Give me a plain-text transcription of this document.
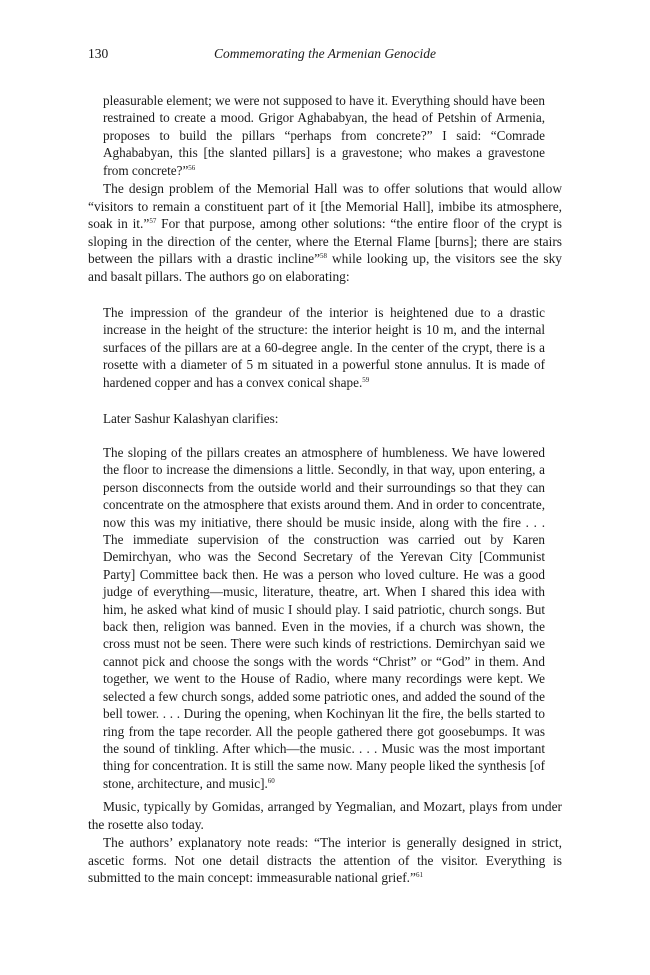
130	Commemorating the Armenian Genocide

pleasurable element; we were not supposed to have it. Everything should have been restrained to create a mood. Grigor Aghababyan, the head of Petshin of Armenia, proposes to build the pillars “perhaps from concrete?” I said: “Comrade Aghababyan, this [the slanted pillars] is a gravestone; who makes a gravestone from concrete?”$^{56}$

The design problem of the Memorial Hall was to offer solutions that would allow “visitors to remain a constituent part of it [the Memorial Hall], imbibe its atmosphere, soak in it.”$^{57}$ For that purpose, among other solutions: “the entire floor of the crypt is sloping in the direction of the center, where the Eternal Flame [burns]; there are stairs between the pillars with a drastic incline”$^{58}$ while looking up, the visitors see the sky and basalt pillars. The authors go on elaborating:

The impression of the grandeur of the interior is heightened due to a drastic increase in the height of the structure: the interior height is 10 m, and the internal surfaces of the pillars are at a 60-degree angle. In the center of the crypt, there is a rosette with a diameter of 5 m situated in a powerful stone annulus. It is made of hardened copper and has a convex conical shape.$^{59}$

Later Sashur Kalashyan clarifies:

The sloping of the pillars creates an atmosphere of humbleness. We have lowered the floor to increase the dimensions a little. Secondly, in that way, upon entering, a person disconnects from the outside world and their surroundings so that they can concentrate on the atmosphere that exists around them. And in order to concentrate, now this was my initiative, there should be music inside, along with the fire . . . The immediate supervision of the construction was carried out by Karen Demirchyan, who was the Second Secretary of the Yerevan City [Communist Party] Committee back then. He was a person who loved culture. He was a good judge of everything—music, literature, theatre, art. When I shared this idea with him, he asked what kind of music I should play. I said patriotic, church songs. But back then, religion was banned. Even in the movies, if a church was shown, the cross must not be seen. There were such kinds of restrictions. Demirchyan said we cannot pick and choose the songs with the words “Christ” or “God” in them. And together, we went to the House of Radio, where many recordings were kept. We selected a few church songs, added some patriotic ones, and added the sound of the bell tower. . . . During the opening, when Kochinyan lit the fire, the bells started to ring from the tape recorder. All the people gathered there got goosebumps. It was the sound of tinkling. After which—the music. . . . Music was the most important thing for concentration. It is still the same now. Many people liked the synthesis [of stone, architecture, and music].$^{60}$

Music, typically by Gomidas, arranged by Yegmalian, and Mozart, plays from under the rosette also today.

The authors’ explanatory note reads: “The interior is generally designed in strict, ascetic forms. Not one detail distracts the attention of the visitor. Everything is submitted to the main concept: immeasurable national grief.”$^{61}$
